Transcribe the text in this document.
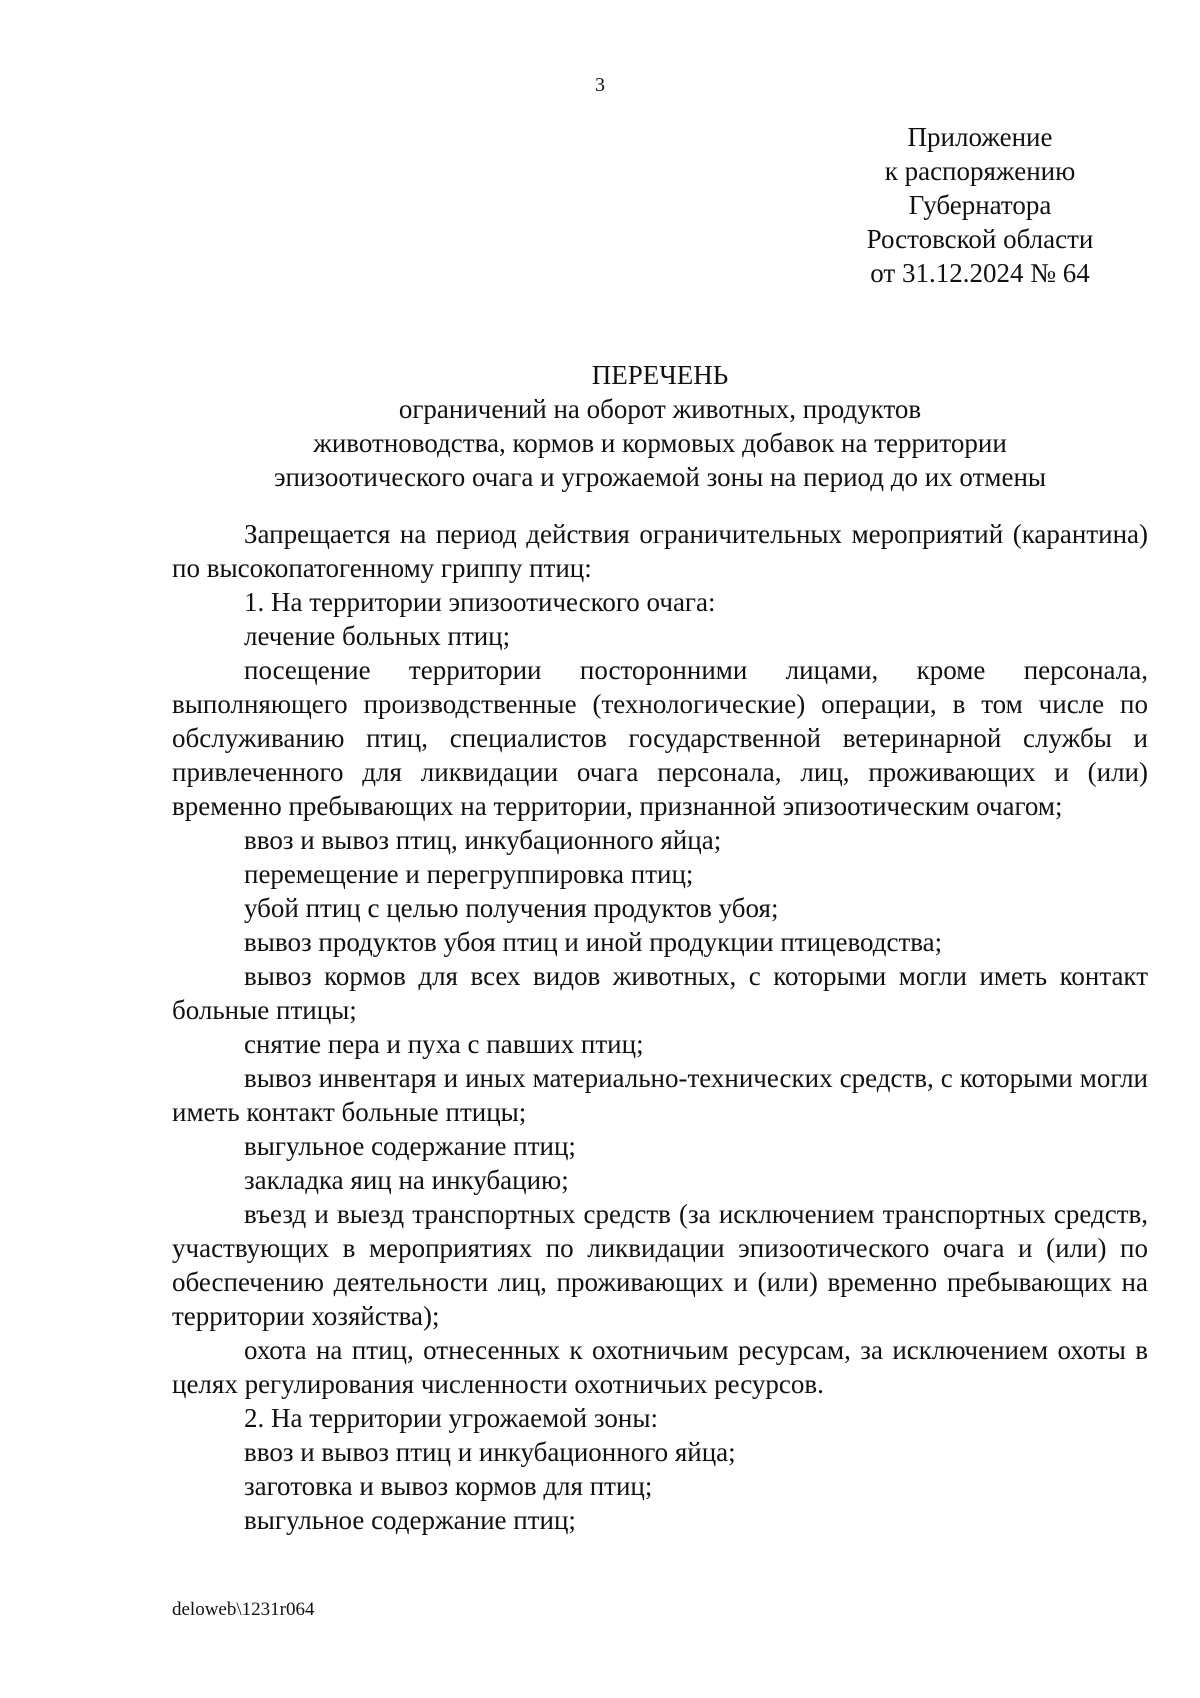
3
Приложение
к распоряжению
Губернатора
Ростовской области
от 31.12.2024 № 64
ПЕРЕЧЕНЬ
ограничений на оборот животных, продуктов
животноводства, кормов и кормовых добавок на территории
эпизоотического очага и угрожаемой зоны на период до их отмены

Запрещается на период действия ограничительных мероприятий (карантина) по высокопатогенному гриппу птиц:

1. На территории эпизоотического очага:

лечение больных птиц;

посещение территории посторонними лицами, кроме персонала, выполняющего производственные (технологические) операции, в том числе по обслуживанию птиц, специалистов государственной ветеринарной службы и привлеченного для ликвидации очага персонала, лиц, проживающих и (или) временно пребывающих на территории, признанной эпизоотическим очагом;

ввоз и вывоз птиц, инкубационного яйца;

перемещение и перегруппировка птиц;

убой птиц с целью получения продуктов убоя;

вывоз продуктов убоя птиц и иной продукции птицеводства;

вывоз кормов для всех видов животных, с которыми могли иметь контакт больные птицы;

снятие пера и пуха с павших птиц;

вывоз инвентаря и иных материально-технических средств, с которыми могли иметь контакт больные птицы;

выгульное содержание птиц;

закладка яиц на инкубацию;

въезд и выезд транспортных средств (за исключением транспортных средств, участвующих в мероприятиях по ликвидации эпизоотического очага и (или) по обеспечению деятельности лиц, проживающих и (или) временно пребывающих на территории хозяйства);

охота на птиц, отнесенных к охотничьим ресурсам, за исключением охоты в целях регулирования численности охотничьих ресурсов.

2. На территории угрожаемой зоны:

ввоз и вывоз птиц и инкубационного яйца;

заготовка и вывоз кормов для птиц;

выгульное содержание птиц;

deloweb\1231r064
